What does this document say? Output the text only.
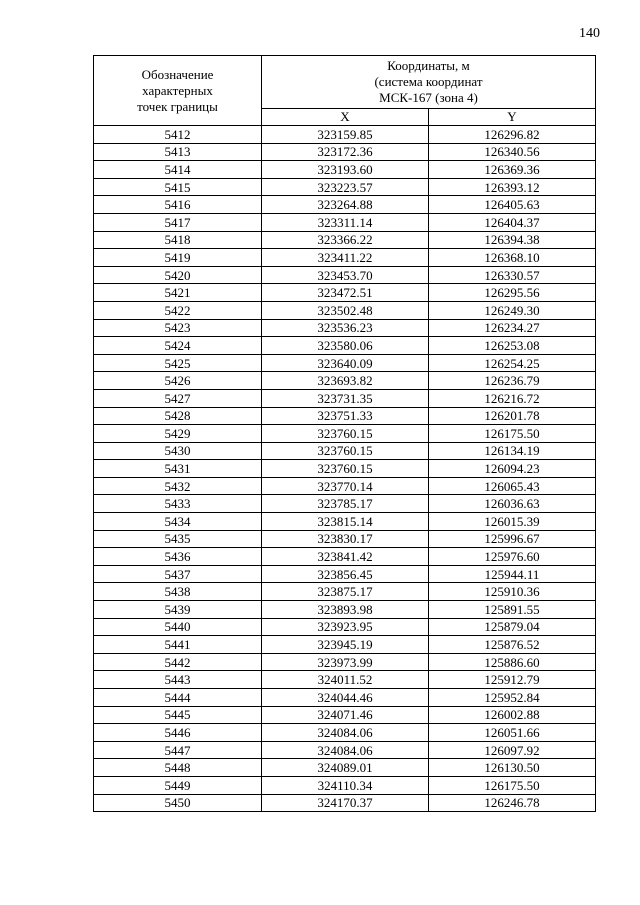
140
Обозначение
характерных
точек границы	Координаты, м
(система координат
МСК-167 (зона 4)	

	X	Y
5412	323159.85	126296.82
5413	323172.36	126340.56
5414	323193.60	126369.36
5415	323223.57	126393.12
5416	323264.88	126405.63
5417	323311.14	126404.37
5418	323366.22	126394.38
5419	323411.22	126368.10
5420	323453.70	126330.57
5421	323472.51	126295.56
5422	323502.48	126249.30
5423	323536.23	126234.27
5424	323580.06	126253.08
5425	323640.09	126254.25
5426	323693.82	126236.79
5427	323731.35	126216.72
5428	323751.33	126201.78
5429	323760.15	126175.50
5430	323760.15	126134.19
5431	323760.15	126094.23
5432	323770.14	126065.43
5433	323785.17	126036.63
5434	323815.14	126015.39
5435	323830.17	125996.67
5436	323841.42	125976.60
5437	323856.45	125944.11
5438	323875.17	125910.36
5439	323893.98	125891.55
5440	323923.95	125879.04
5441	323945.19	125876.52
5442	323973.99	125886.60
5443	324011.52	125912.79
5444	324044.46	125952.84
5445	324071.46	126002.88
5446	324084.06	126051.66
5447	324084.06	126097.92
5448	324089.01	126130.50
5449	324110.34	126175.50
5450	324170.37	126246.78
